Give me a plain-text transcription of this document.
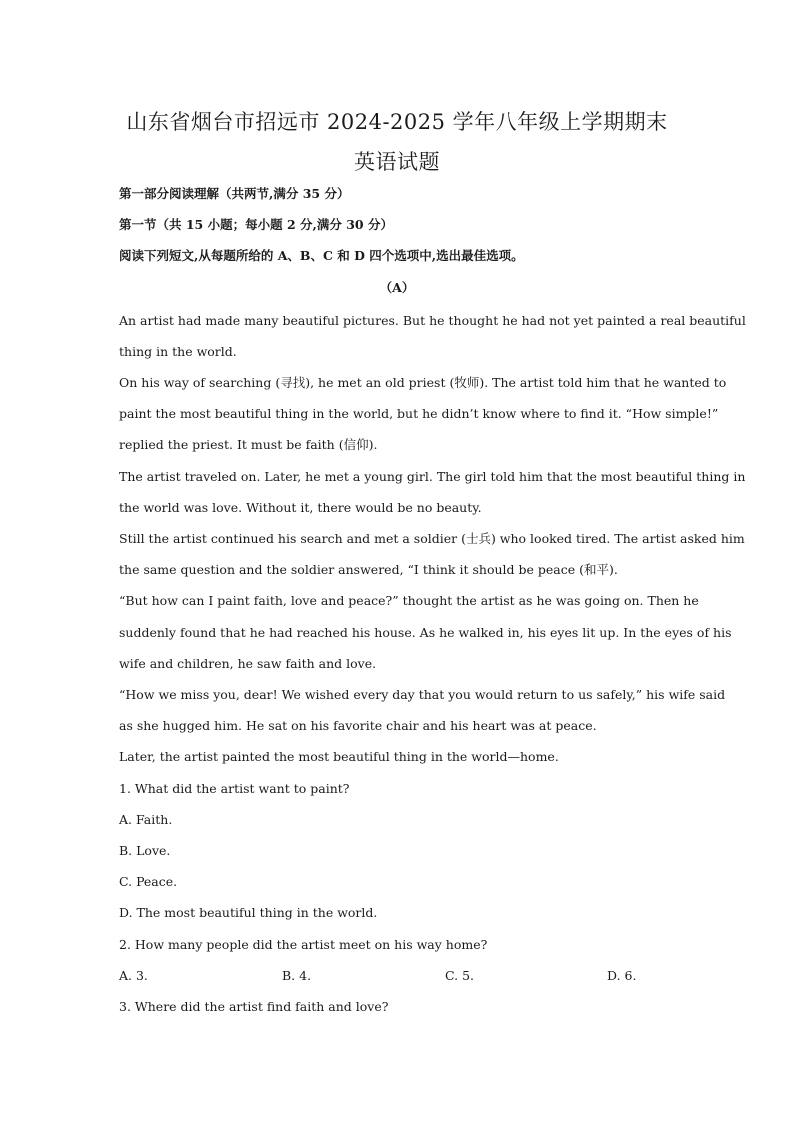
山东省烟台市招远市 2024-2025 学年八年级上学期期末
英语试题
第一部分阅读理解（共两节,满分 35 分）
第一节（共 15 小题；每小题 2 分,满分 30 分）
阅读下列短文,从每题所给的 A、B、C 和 D 四个选项中,选出最佳选项。
（A）
An artist had made many beautiful pictures. But he thought he had not yet painted a real beautiful
thing in the world.
On his way of searching (寻找), he met an old priest (牧师). The artist told him that he wanted to
paint the most beautiful thing in the world, but he didn’t know where to find it. “How simple!”
replied the priest. It must be faith (信仰).
The artist traveled on. Later, he met a young girl. The girl told him that the most beautiful thing in
the world was love. Without it, there would be no beauty.
Still the artist continued his search and met a soldier (士兵) who looked tired. The artist asked him
the same question and the soldier answered, “I think it should be peace (和平).
“But how can I paint faith, love and peace?” thought the artist as he was going on. Then he
suddenly found that he had reached his house. As he walked in, his eyes lit up. In the eyes of his
wife and children, he saw faith and love.
“How we miss you, dear! We wished every day that you would return to us safely,” his wife said
as she hugged him. He sat on his favorite chair and his heart was at peace.
Later, the artist painted the most beautiful thing in the world—home.
1. What did the artist want to paint?
A. Faith.
B. Love.
C. Peace.
D. The most beautiful thing in the world.
2. How many people did the artist meet on his way home?
A. 3.	B. 4.	C. 5.	D. 6.
3. Where did the artist find faith and love?
